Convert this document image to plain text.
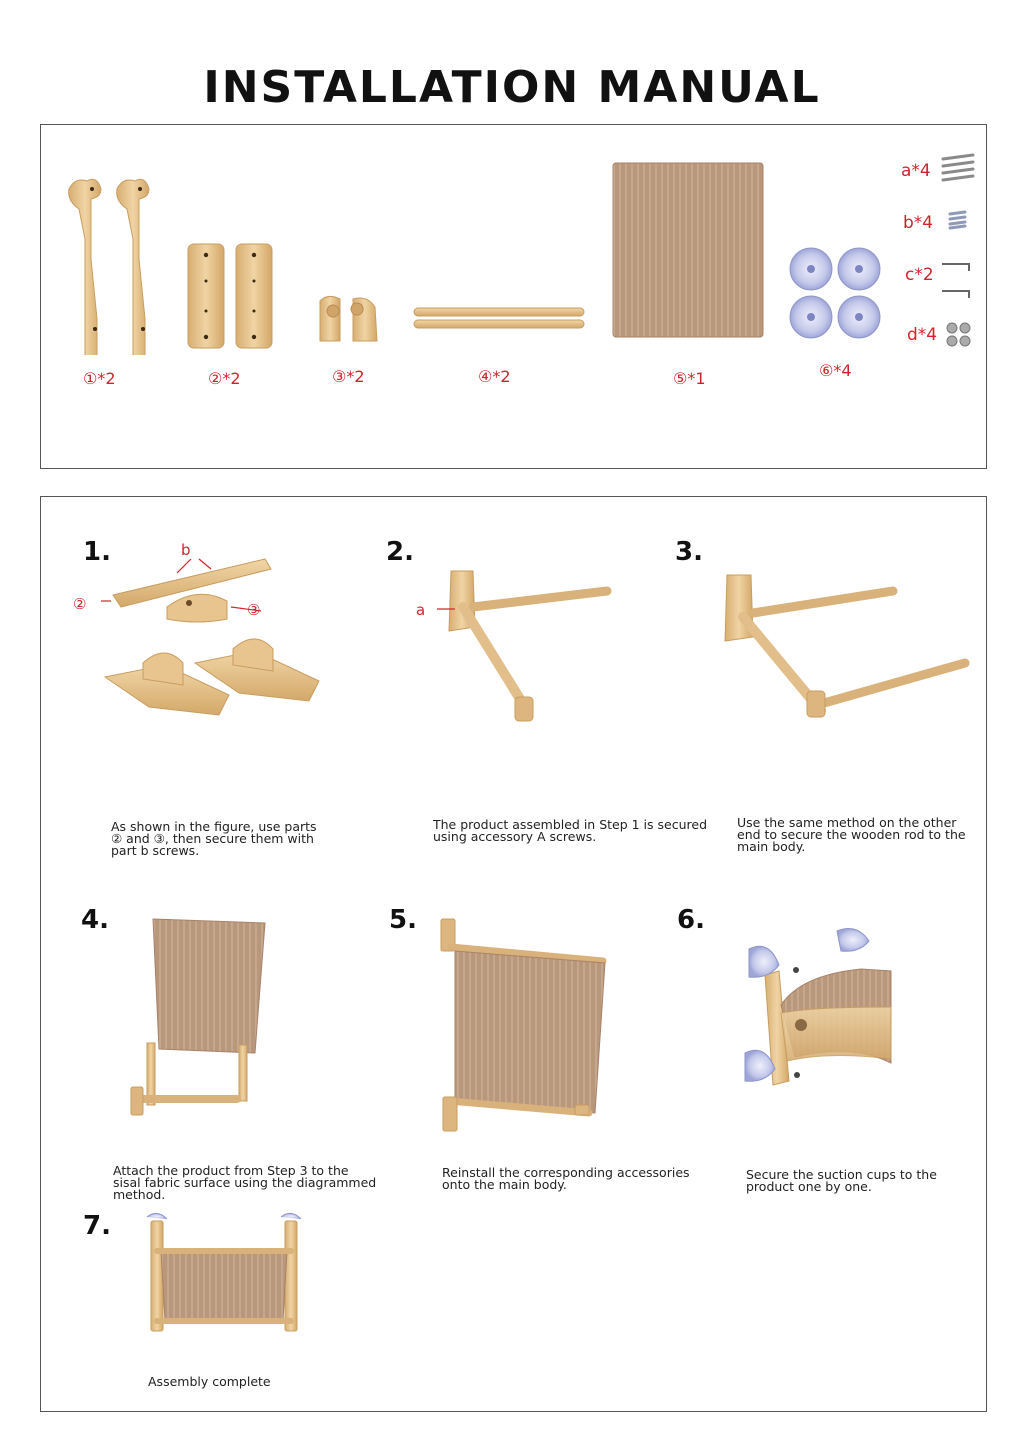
INSTALLATION MANUAL
①*2	②*2	③*2	④*2	⑤*1	⑥*4
a*4
b*4
c*2
d*4
1.	b
②	③
As shown in the figure, use parts
② and ③, then secure them with
part b screws.
2.
a
The product assembled in Step 1 is secured
using accessory A screws.
3.
Use the same method on the other
end to secure the wooden rod to the
main body.
4.
Attach the product from Step 3 to the
sisal fabric surface using the diagrammed
method.
5.
Reinstall the corresponding accessories
onto the main body.
6.
Secure the suction cups to the
product one by one.
7.
Assembly complete
